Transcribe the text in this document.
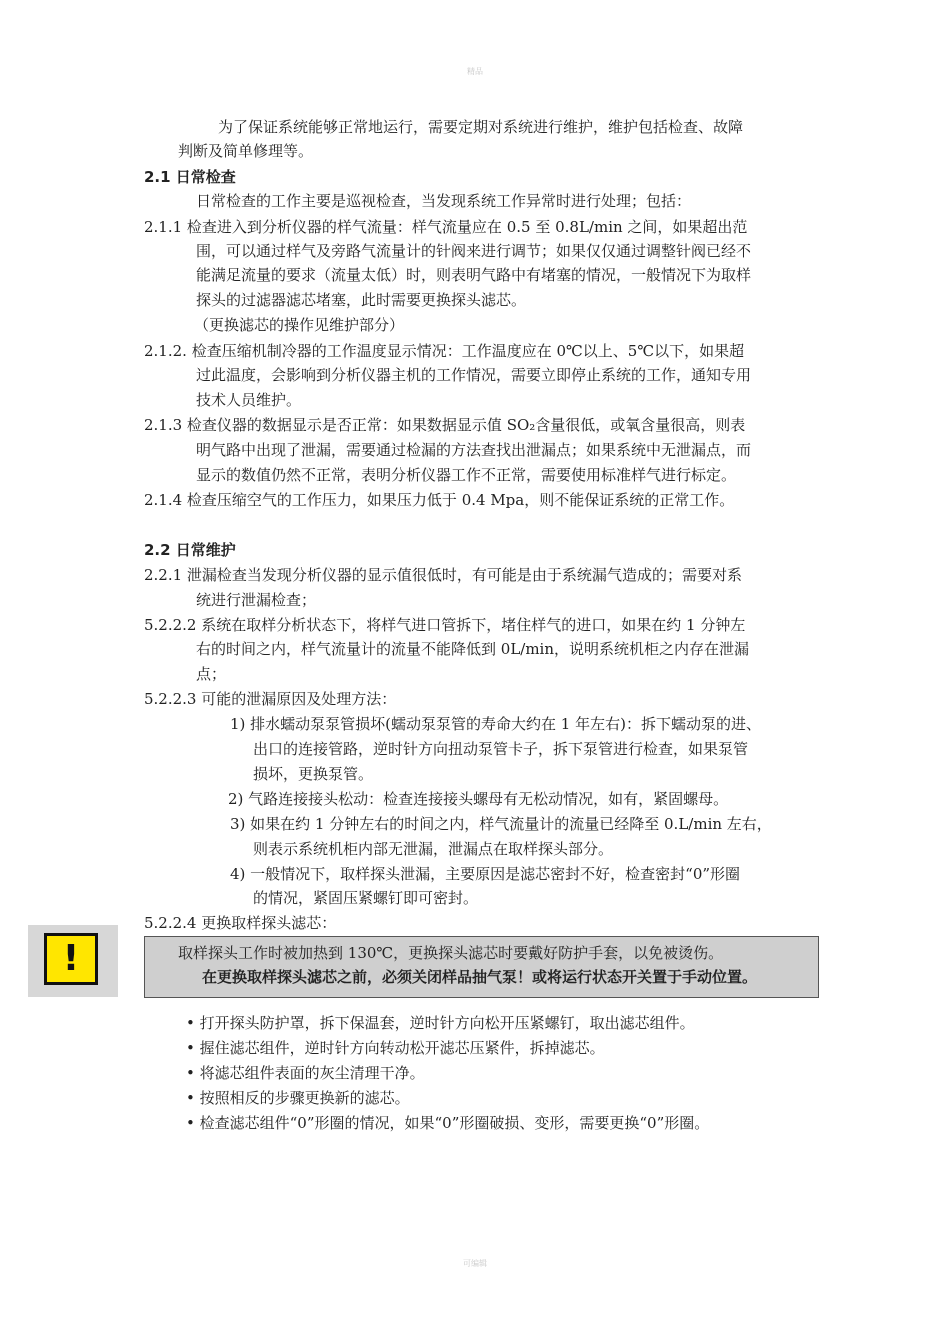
精品
为了保证系统能够正常地运行，需要定期对系统进行维护，维护包括检查、故障
判断及简单修理等。
2.1 日常检查
日常检查的工作主要是巡视检查，当发现系统工作异常时进行处理；包括：
2.1.1 检查进入到分析仪器的样气流量：样气流量应在 0.5 至 0.8L/min 之间，如果超出范
围，可以通过样气及旁路气流量计的针阀来进行调节；如果仅仅通过调整针阀已经不
能满足流量的要求（流量太低）时，则表明气路中有堵塞的情况，一般情况下为取样
探头的过滤器滤芯堵塞，此时需要更换探头滤芯。
（更换滤芯的操作见维护部分）
2.1.2. 检查压缩机制冷器的工作温度显示情况：工作温度应在 0℃以上、5℃以下，如果超
过此温度，会影响到分析仪器主机的工作情况，需要立即停止系统的工作，通知专用
技术人员维护。
2.1.3 检查仪器的数据显示是否正常：如果数据显示值 SO₂含量很低，或氧含量很高，则表
明气路中出现了泄漏，需要通过检漏的方法查找出泄漏点；如果系统中无泄漏点，而
显示的数值仍然不正常，表明分析仪器工作不正常，需要使用标准样气进行标定。
2.1.4 检查压缩空气的工作压力，如果压力低于 0.4 Mpa，则不能保证系统的正常工作。
2.2 日常维护
2.2.1 泄漏检查当发现分析仪器的显示值很低时，有可能是由于系统漏气造成的；需要对系
统进行泄漏检查；
5.2.2.2 系统在取样分析状态下，将样气进口管拆下，堵住样气的进口，如果在约 1 分钟左
右的时间之内，样气流量计的流量不能降低到 0L/min，说明系统机柜之内存在泄漏
点；
5.2.2.3 可能的泄漏原因及处理方法：
1) 排水蠕动泵泵管损坏(蠕动泵泵管的寿命大约在 1 年左右)：拆下蠕动泵的进、
出口的连接管路，逆时针方向扭动泵管卡子，拆下泵管进行检查，如果泵管
损坏，更换泵管。
2) 气路连接接头松动：检查连接接头螺母有无松动情况，如有，紧固螺母。
3) 如果在约 1 分钟左右的时间之内，样气流量计的流量已经降至 0.L/min 左右，
则表示系统机柜内部无泄漏，泄漏点在取样探头部分。
4) 一般情况下，取样探头泄漏，主要原因是滤芯密封不好，检查密封“0”形圈
的情况，紧固压紧螺钉即可密封。
5.2.2.4 更换取样探头滤芯：
!	取样探头工作时被加热到 130℃，更换探头滤芯时要戴好防护手套，以免被烫伤。
在更换取样探头滤芯之前，必须关闭样品抽气泵！或将运行状态开关置于手动位置。
• 打开探头防护罩，拆下保温套，逆时针方向松开压紧螺钉，取出滤芯组件。
• 握住滤芯组件，逆时针方向转动松开滤芯压紧件，拆掉滤芯。
• 将滤芯组件表面的灰尘清理干净。
• 按照相反的步骤更换新的滤芯。
• 检查滤芯组件“0”形圈的情况，如果“0”形圈破损、变形，需要更换“0”形圈。
可编辑
